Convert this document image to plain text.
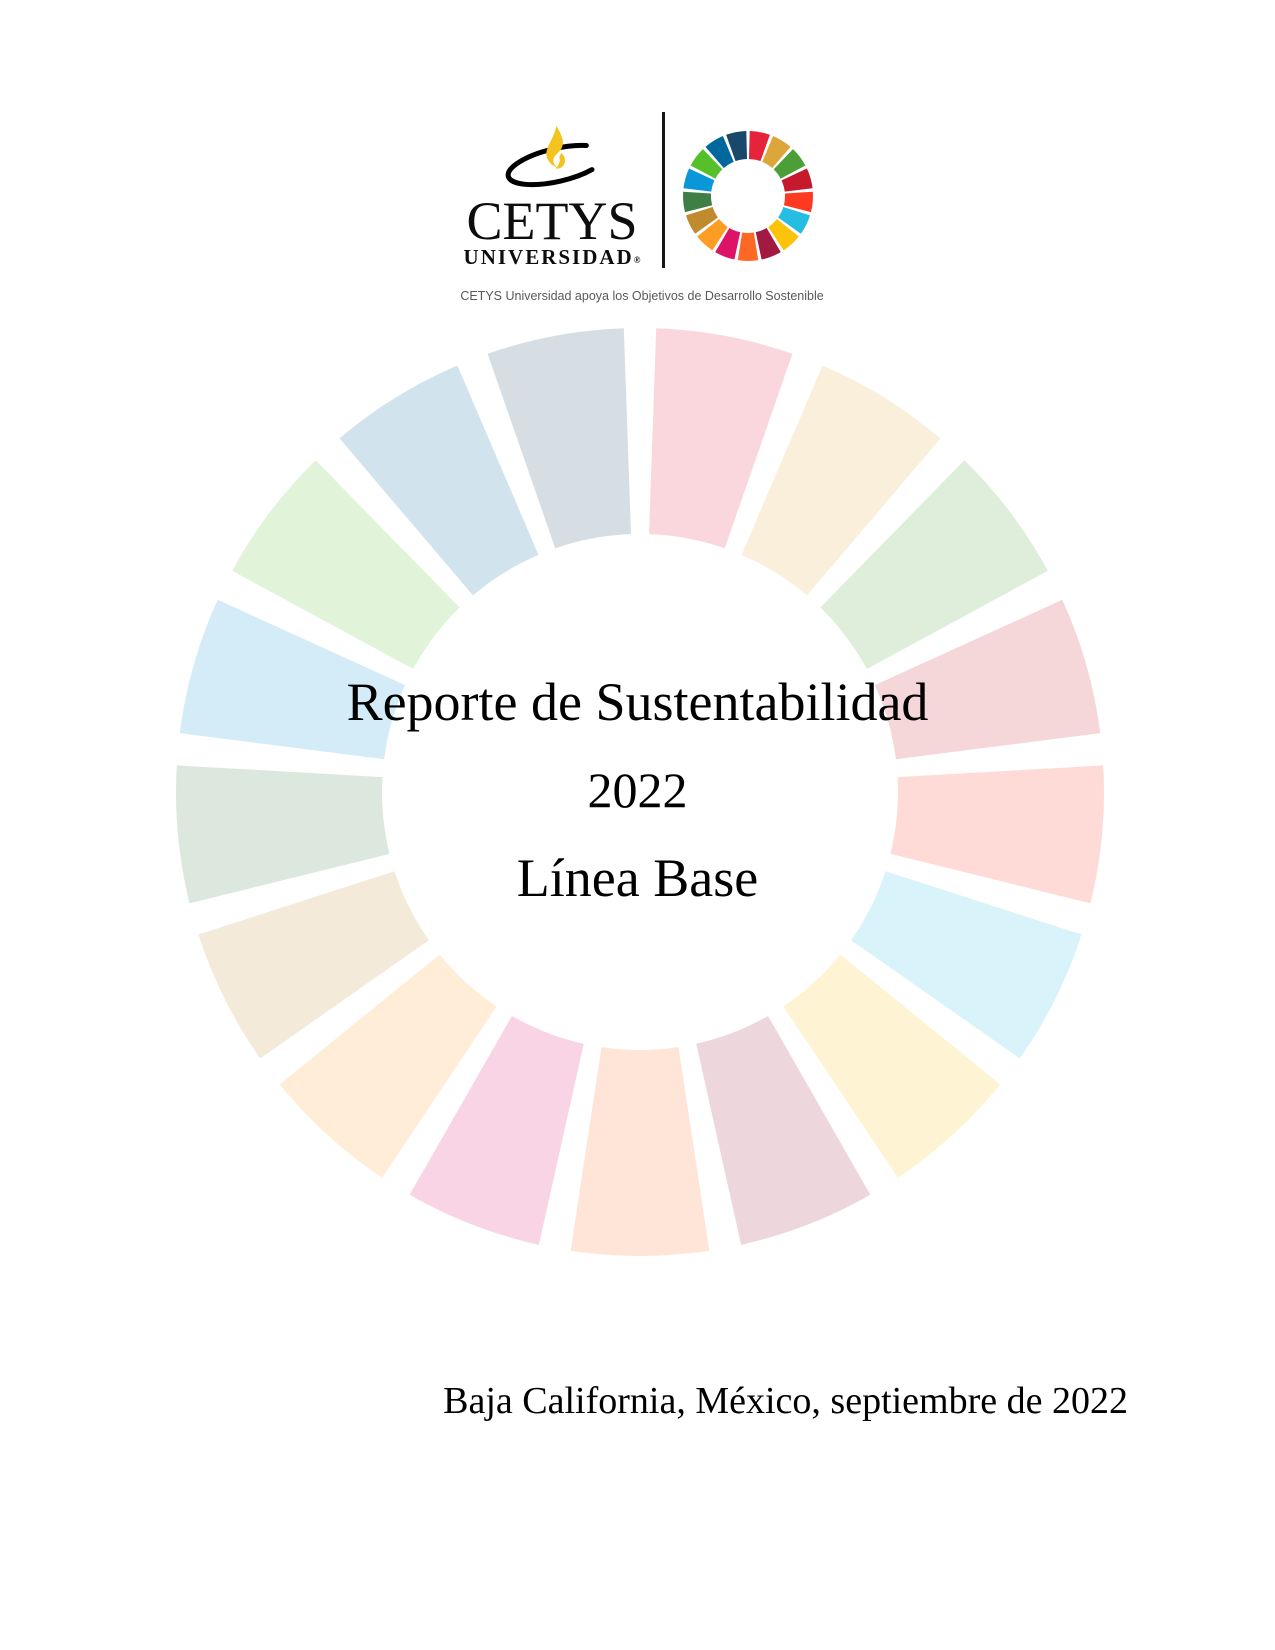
CETYS
UNIVERSIDAD®
CETYS Universidad apoya los Objetivos de Desarrollo Sostenible
Reporte de Sustentabilidad
2022
Línea Base
Baja California, México, septiembre de 2022
